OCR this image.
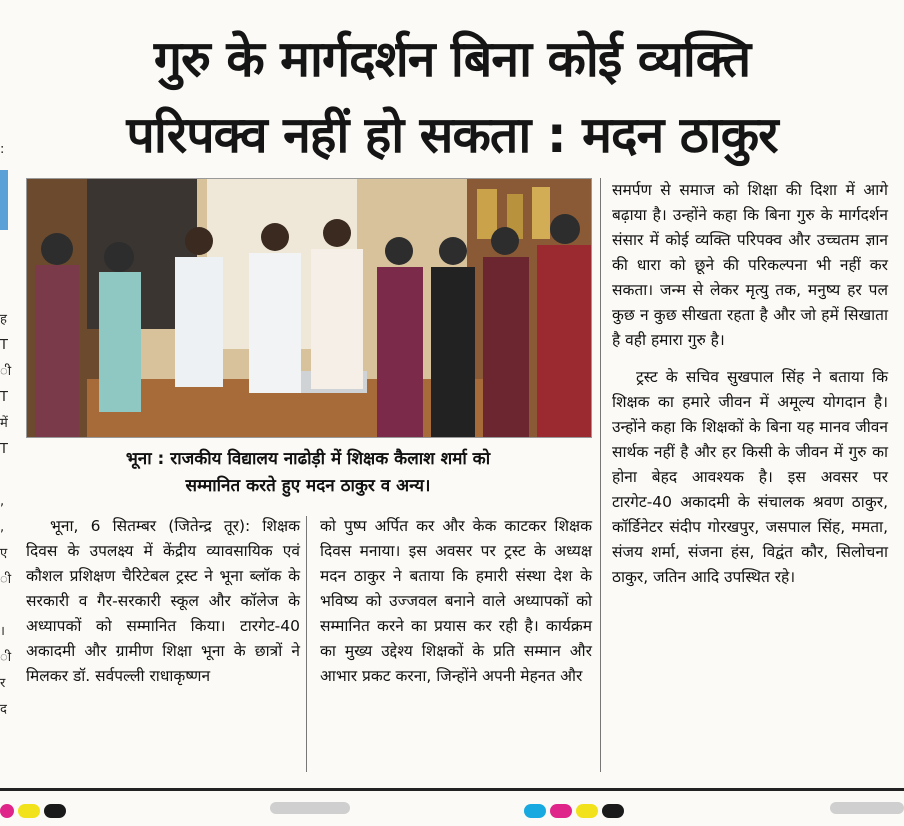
गुरु के मार्गदर्शन बिना कोई व्यक्ति
परिपक्व नहीं हो सकता : मदन ठाकुर
:
ह
T
ी
T
में
T
,
,
ए
ी
।
ी
र
द
भूना : राजकीय विद्यालय नाढोड़ी में शिक्षक कैलाश शर्मा को
सम्मानित करते हुए मदन ठाकुर व अन्य।

भूना, 6 सितम्बर (जितेन्द्र तूर): शिक्षक दिवस के उपलक्ष्य में केंद्रीय व्यावसायिक एवं कौशल प्रशिक्षण चैरिटेबल ट्रस्ट ने भूना ब्लॉक के सरकारी व गैर-सरकारी स्कूल और कॉलेज के अध्यापकों को सम्मानित किया। टारगेट-40 अकादमी और ग्रामीण शिक्षा भूना के छात्रों ने मिलकर डॉ. सर्वपल्ली राधाकृष्णन

को पुष्प अर्पित कर और केक काटकर शिक्षक दिवस मनाया। इस अवसर पर ट्रस्ट के अध्यक्ष मदन ठाकुर ने बताया कि हमारी संस्था देश के भविष्य को उज्जवल बनाने वाले अध्यापकों को सम्मानित करने का प्रयास कर रही है। कार्यक्रम का मुख्य उद्देश्य शिक्षकों के प्रति सम्मान और आभार प्रकट करना, जिन्होंने अपनी मेहनत और

समर्पण से समाज को शिक्षा की दिशा में आगे बढ़ाया है। उन्होंने कहा कि बिना गुरु के मार्गदर्शन संसार में कोई व्यक्ति परिपक्व और उच्चतम ज्ञान की धारा को छूने की परिकल्पना भी नहीं कर सकता। जन्म से लेकर मृत्यु तक, मनुष्य हर पल कुछ न कुछ सीखता रहता है और जो हमें सिखाता है वही हमारा गुरु है।

ट्रस्ट के सचिव सुखपाल सिंह ने बताया कि शिक्षक का हमारे जीवन में अमूल्य योगदान है। उन्होंने कहा कि शिक्षकों के बिना यह मानव जीवन सार्थक नहीं है और हर किसी के जीवन में गुरु का होना बेहद आवश्यक है। इस अवसर पर टारगेट-40 अकादमी के संचालक श्रवण ठाकुर, कॉर्डिनेटर संदीप गोरखपुर, जसपाल सिंह, ममता, संजय शर्मा, संजना हंस, विद्वंत कौर, सिलोचना ठाकुर, जतिन आदि उपस्थित रहे।
